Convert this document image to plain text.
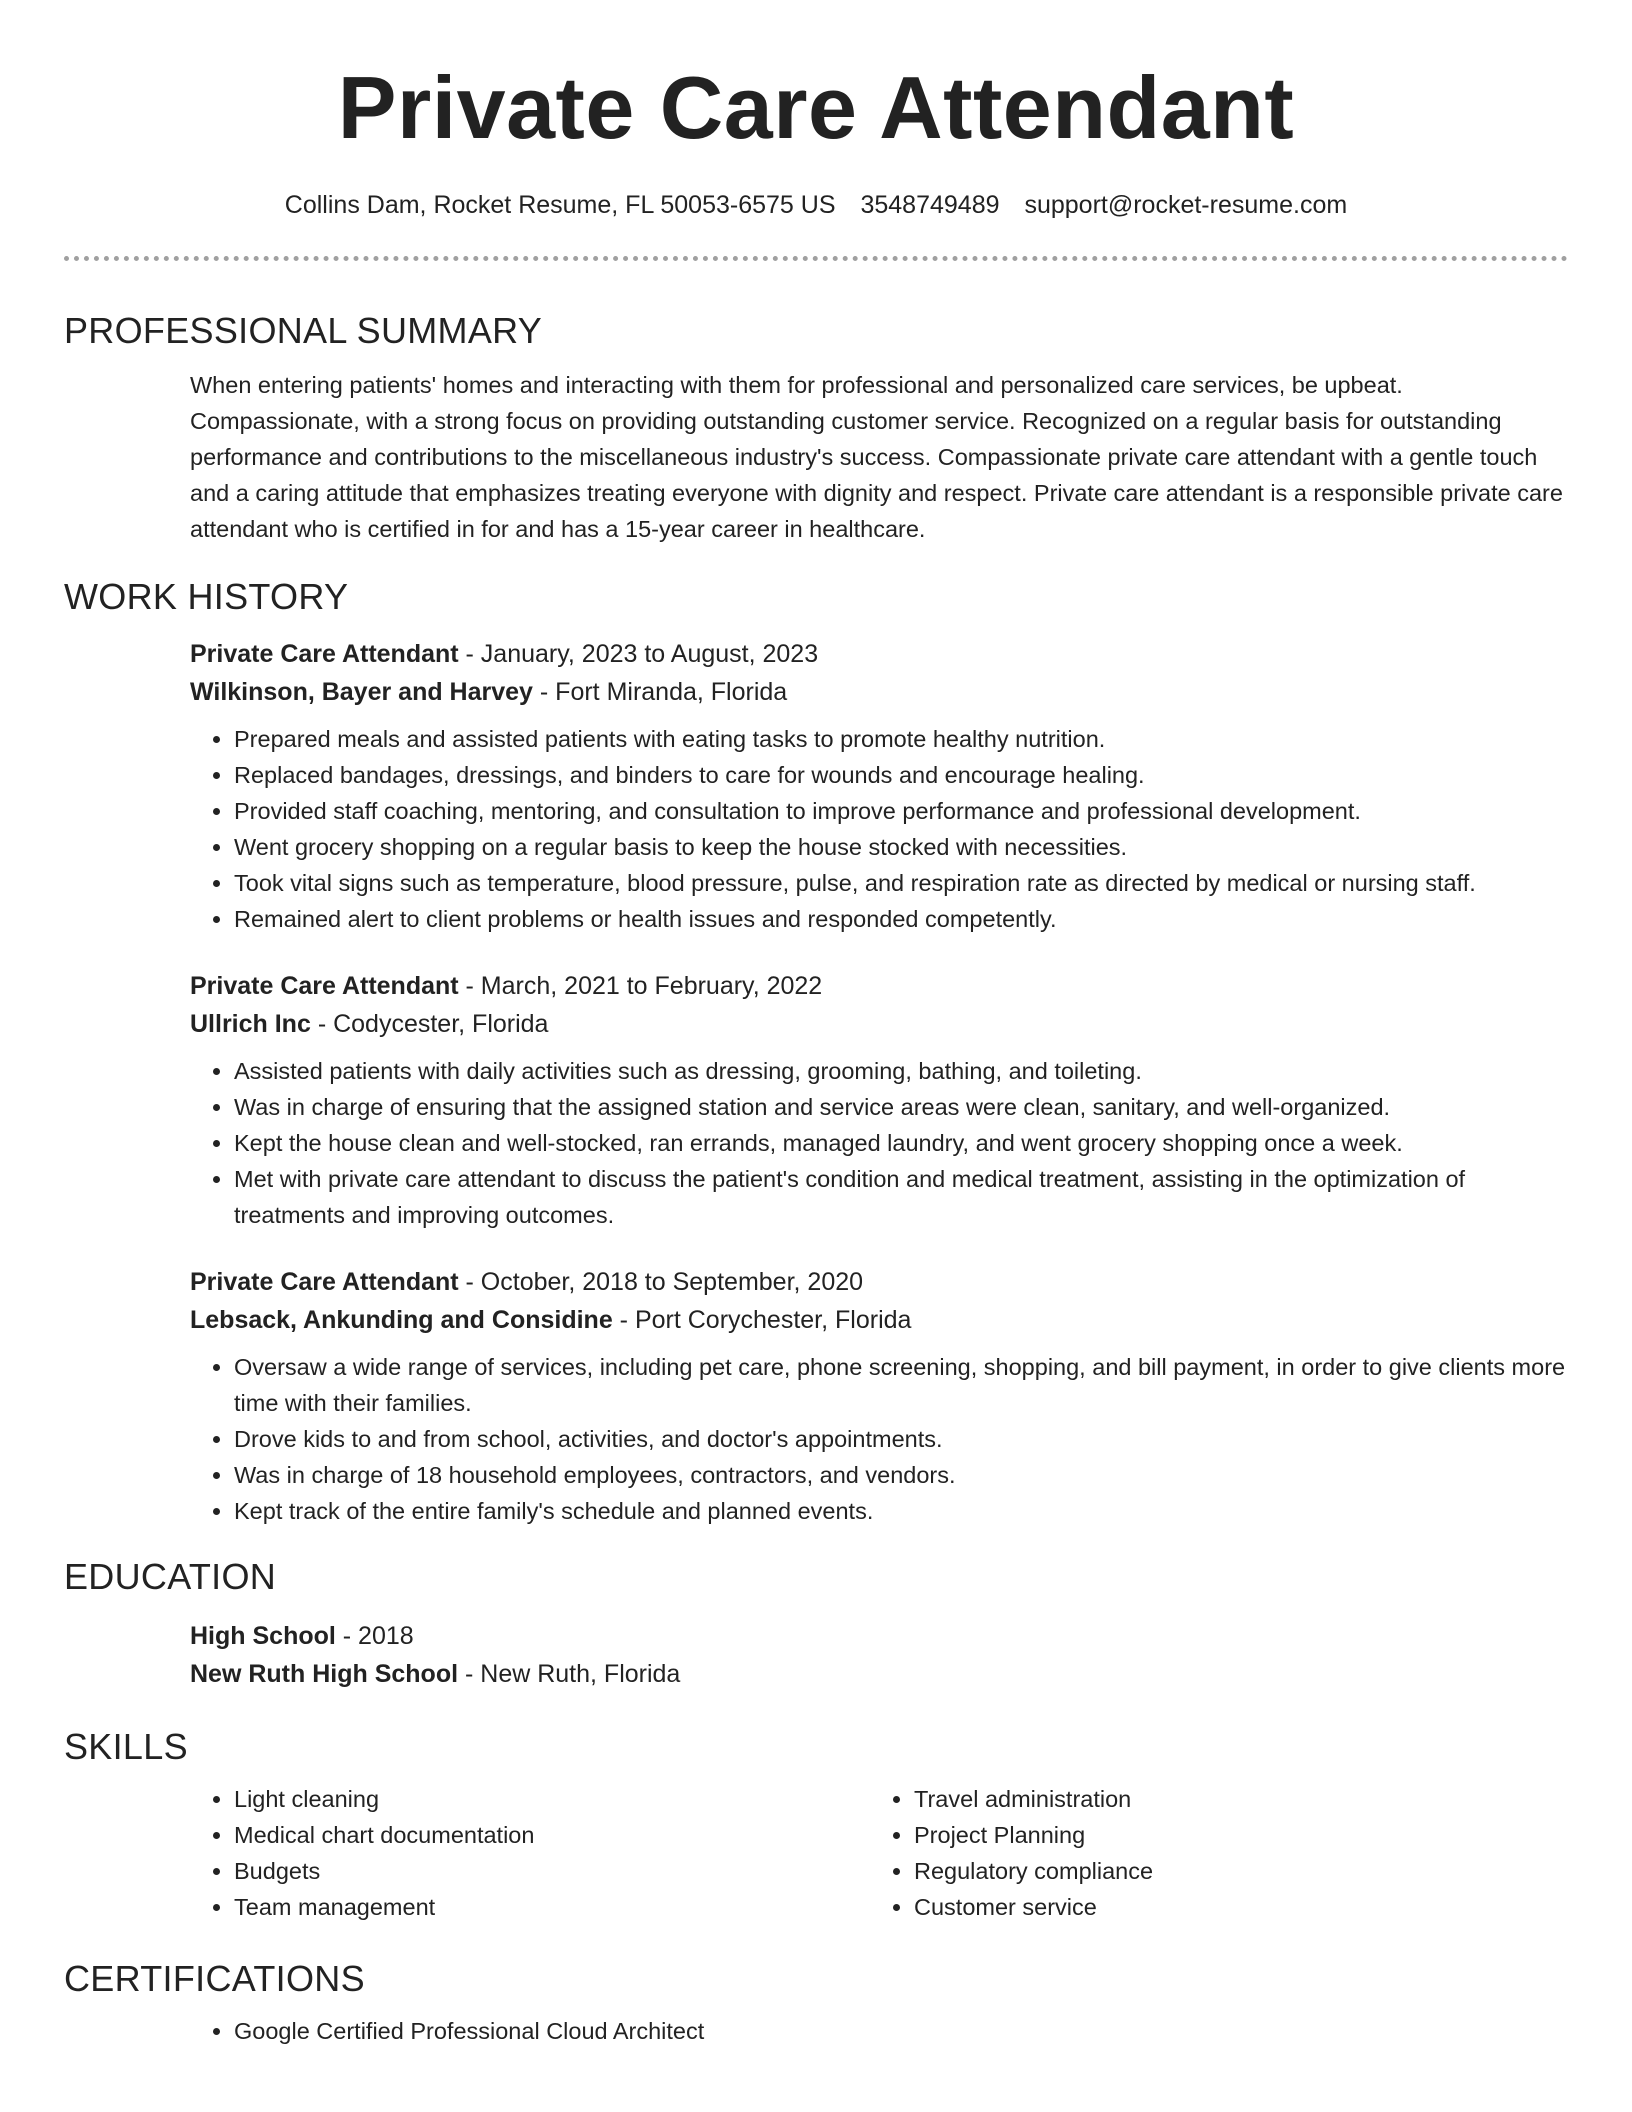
Private Care Attendant
Collins Dam, Rocket Resume, FL 50053-6575 US 3548749489 support@rocket-resume.com
PROFESSIONAL SUMMARY
When entering patients' homes and interacting with them for professional and personalized care services, be upbeat. Compassionate, with a strong focus on providing outstanding customer service. Recognized on a regular basis for outstanding performance and contributions to the miscellaneous industry's success. Compassionate private care attendant with a gentle touch and a caring attitude that emphasizes treating everyone with dignity and respect. Private care attendant is a responsible private care attendant who is certified in for and has a 15-year career in healthcare.
WORK HISTORY
Private Care Attendant - January, 2023 to August, 2023
Wilkinson, Bayer and Harvey - Fort Miranda, Florida
• Prepared meals and assisted patients with eating tasks to promote healthy nutrition.
• Replaced bandages, dressings, and binders to care for wounds and encourage healing.
• Provided staff coaching, mentoring, and consultation to improve performance and professional development.
• Went grocery shopping on a regular basis to keep the house stocked with necessities.
• Took vital signs such as temperature, blood pressure, pulse, and respiration rate as directed by medical or nursing staff.
• Remained alert to client problems or health issues and responded competently.
Private Care Attendant - March, 2021 to February, 2022
Ullrich Inc - Codycester, Florida
• Assisted patients with daily activities such as dressing, grooming, bathing, and toileting.
• Was in charge of ensuring that the assigned station and service areas were clean, sanitary, and well-organized.
• Kept the house clean and well-stocked, ran errands, managed laundry, and went grocery shopping once a week.
• Met with private care attendant to discuss the patient's condition and medical treatment, assisting in the optimization of treatments and improving outcomes.
Private Care Attendant - October, 2018 to September, 2020
Lebsack, Ankunding and Considine - Port Corychester, Florida
• Oversaw a wide range of services, including pet care, phone screening, shopping, and bill payment, in order to give clients more time with their families.
• Drove kids to and from school, activities, and doctor's appointments.
• Was in charge of 18 household employees, contractors, and vendors.
• Kept track of the entire family's schedule and planned events.
EDUCATION
High School - 2018
New Ruth High School - New Ruth, Florida
SKILLS
• Light cleaning
• Medical chart documentation
• Budgets
• Team management
• Travel administration
• Project Planning
• Regulatory compliance
• Customer service
CERTIFICATIONS
• Google Certified Professional Cloud Architect
